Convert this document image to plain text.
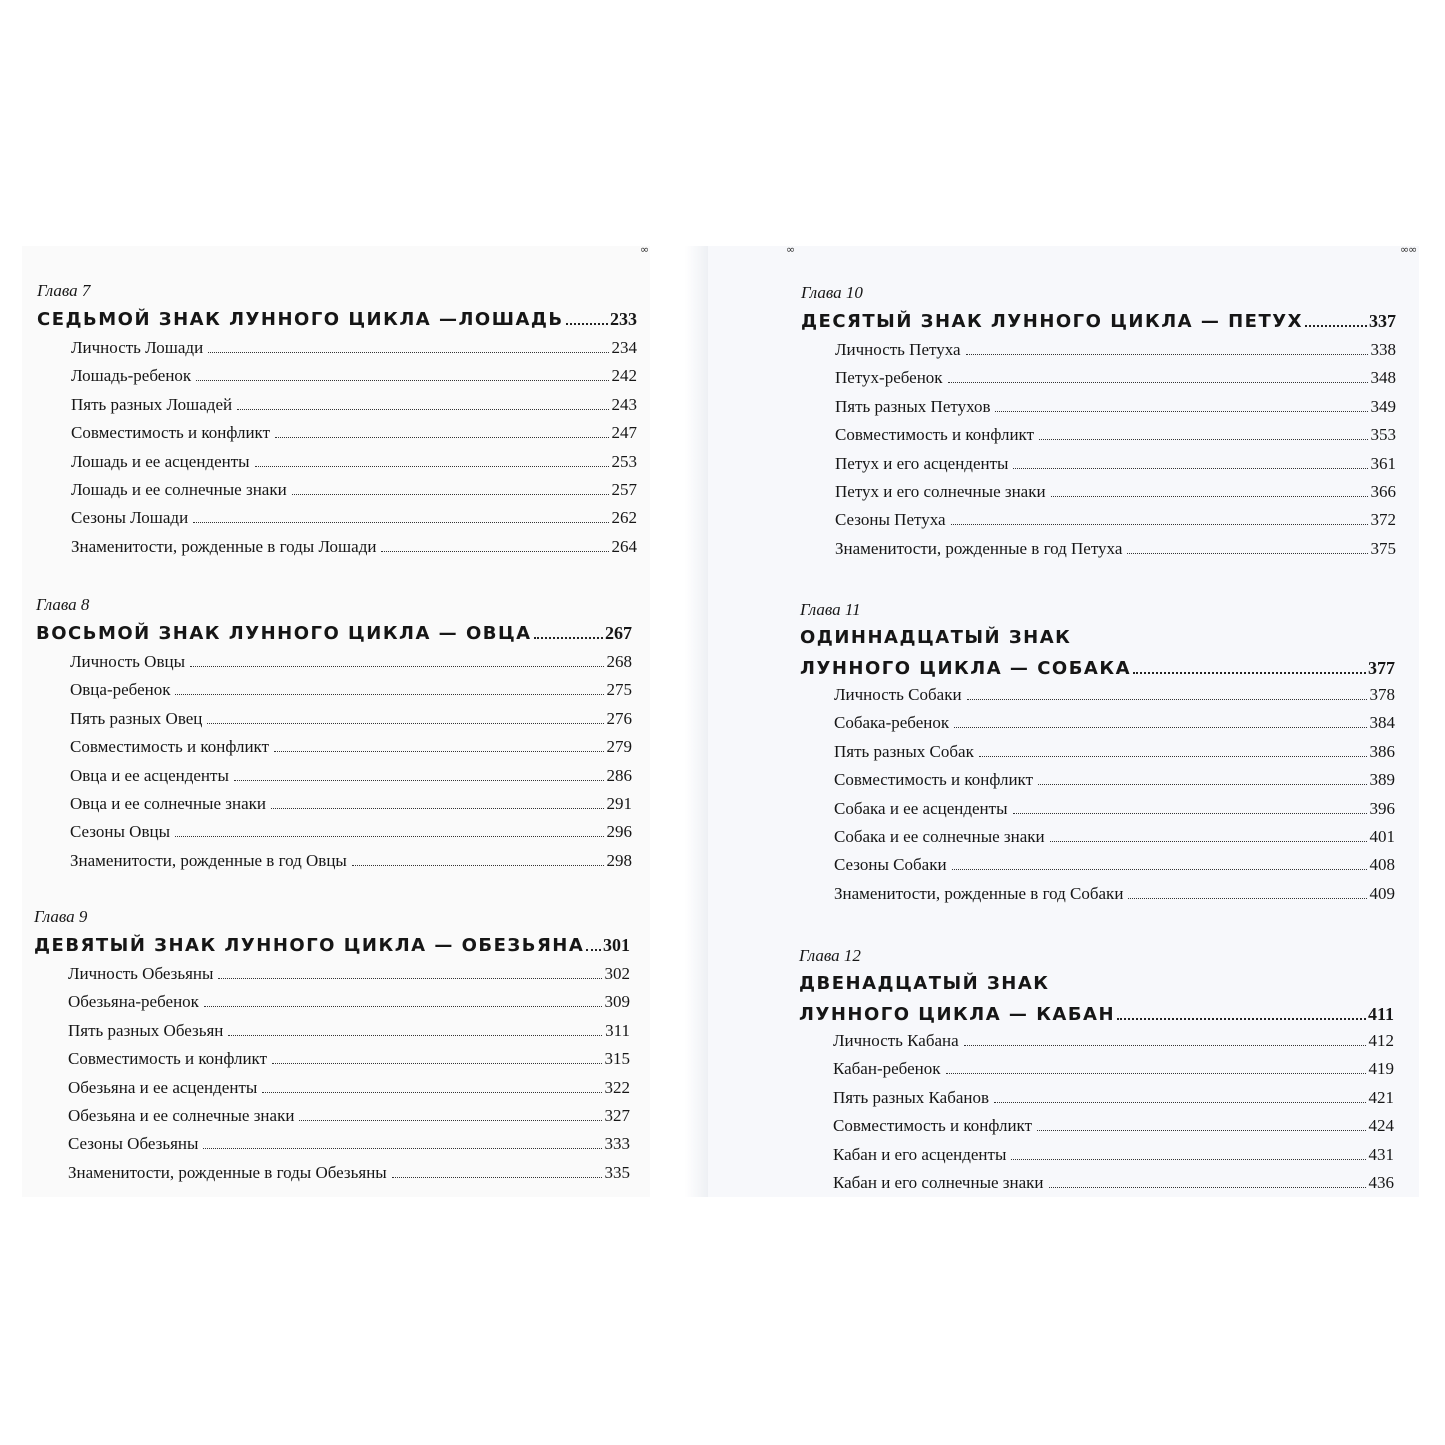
∞	∞	∞∞
Глава 7
СЕДЬМОЙ ЗНАК ЛУННОГО ЦИКЛА —ЛОШАДЬ	233
Личность Лошади	234
Лошадь-ребенок	242
Пять разных Лошадей	243
Совместимость и конфликт	247
Лошадь и ее асценденты	253
Лошадь и ее солнечные знаки	257
Сезоны Лошади	262
Знаменитости, рожденные в годы Лошади	264
Глава 8
ВОСЬМОЙ ЗНАК ЛУННОГО ЦИКЛА — ОВЦА	267
Личность Овцы	268
Овца-ребенок	275
Пять разных Овец	276
Совместимость и конфликт	279
Овца и ее асценденты	286
Овца и ее солнечные знаки	291
Сезоны Овцы	296
Знаменитости, рожденные в год Овцы	298
Глава 9
ДЕВЯТЫЙ ЗНАК ЛУННОГО ЦИКЛА — ОБЕЗЬЯНА 301
Личность Обезьяны	302
Обезьяна-ребенок	309
Пять разных Обезьян	311
Совместимость и конфликт	315
Обезьяна и ее асценденты	322
Обезьяна и ее солнечные знаки	327
Сезоны Обезьяны	333
Знаменитости, рожденные в годы Обезьяны	335
Глава 10
ДЕСЯТЫЙ ЗНАК ЛУННОГО ЦИКЛА — ПЕТУХ	337
Личность Петуха	338
Петух-ребенок	348
Пять разных Петухов	349
Совместимость и конфликт	353
Петух и его асценденты	361
Петух и его солнечные знаки	366
Сезоны Петуха	372
Знаменитости, рожденные в год Петуха	375
Глава 11
ОДИННАДЦАТЫЙ ЗНАК
ЛУННОГО ЦИКЛА — СОБАКА	377
Личность Собаки	378
Собака-ребенок	384
Пять разных Собак	386
Совместимость и конфликт	389
Собака и ее асценденты	396
Собака и ее солнечные знаки	401
Сезоны Собаки	408
Знаменитости, рожденные в год Собаки	409
Глава 12
ДВЕНАДЦАТЫЙ ЗНАК
ЛУННОГО ЦИКЛА — КАБАН	411
Личность Кабана	412
Кабан-ребенок	419
Пять разных Кабанов	421
Совместимость и конфликт	424
Кабан и его асценденты	431
Кабан и его солнечные знаки	436
